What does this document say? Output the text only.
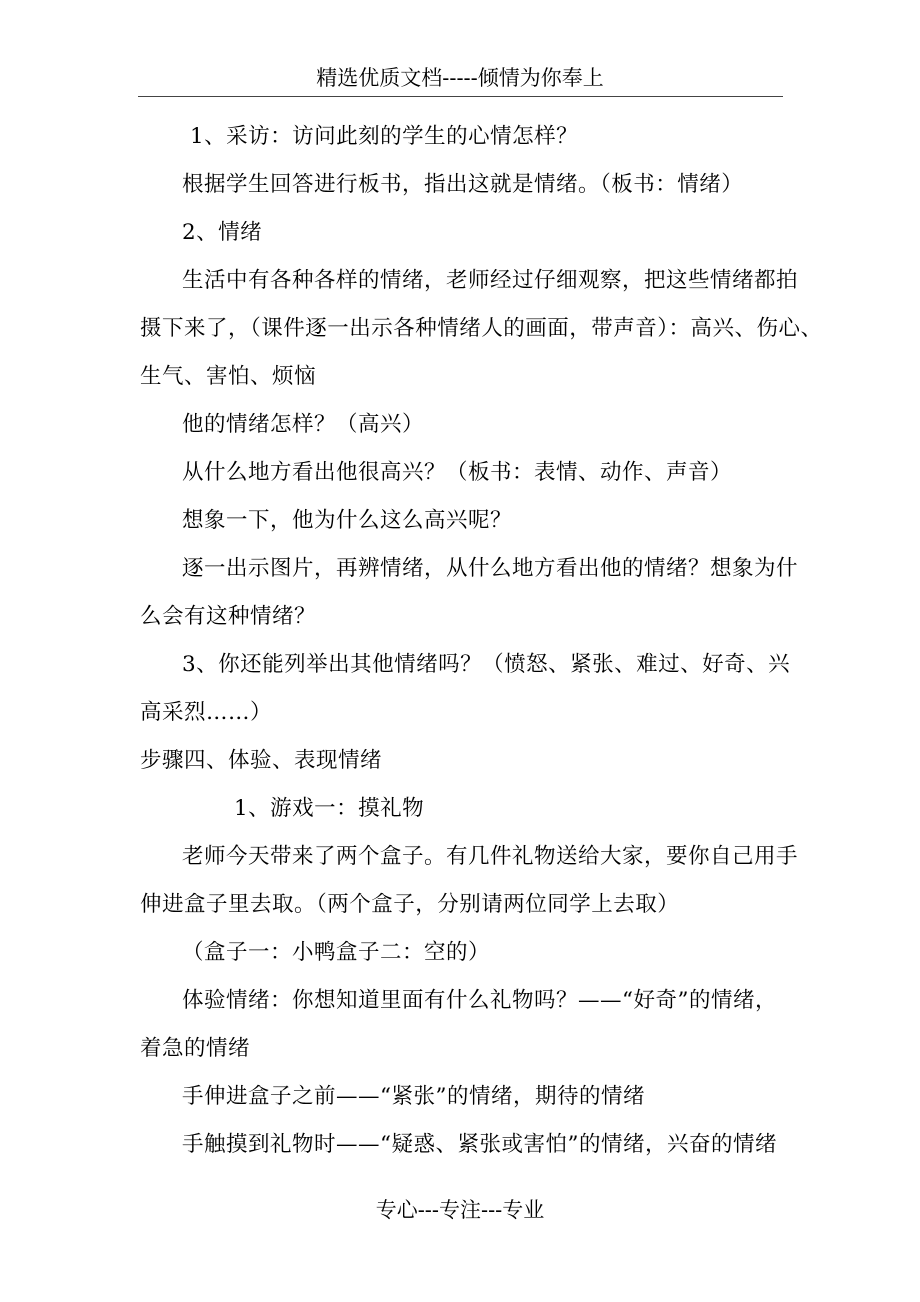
精选优质文档-----倾情为你奉上
1、采访：访问此刻的学生的心情怎样？
根据学生回答进行板书，指出这就是情绪。（板书：情绪）
2、情绪
生活中有各种各样的情绪，老师经过仔细观察，把这些情绪都拍
摄下来了，（课件逐一出示各种情绪人的画面，带声音）：高兴、伤心、
生气、害怕、烦恼
他的情绪怎样？（高兴）
从什么地方看出他很高兴？（板书：表情、动作、声音）
想象一下，他为什么这么高兴呢？
逐一出示图片，再辨情绪，从什么地方看出他的情绪？想象为什
么会有这种情绪？
3、你还能列举出其他情绪吗？（愤怒、紧张、难过、好奇、兴
高采烈……）
步骤四、体验、表现情绪
1、游戏一：摸礼物
老师今天带来了两个盒子。有几件礼物送给大家，要你自己用手
伸进盒子里去取。（两个盒子，分别请两位同学上去取）
（盒子一：小鸭盒子二：空的）
体验情绪：你想知道里面有什么礼物吗？——“好奇”的情绪，
着急的情绪
手伸进盒子之前——“紧张”的情绪，期待的情绪
手触摸到礼物时——“疑惑、紧张或害怕”的情绪，兴奋的情绪
专心---专注---专业
